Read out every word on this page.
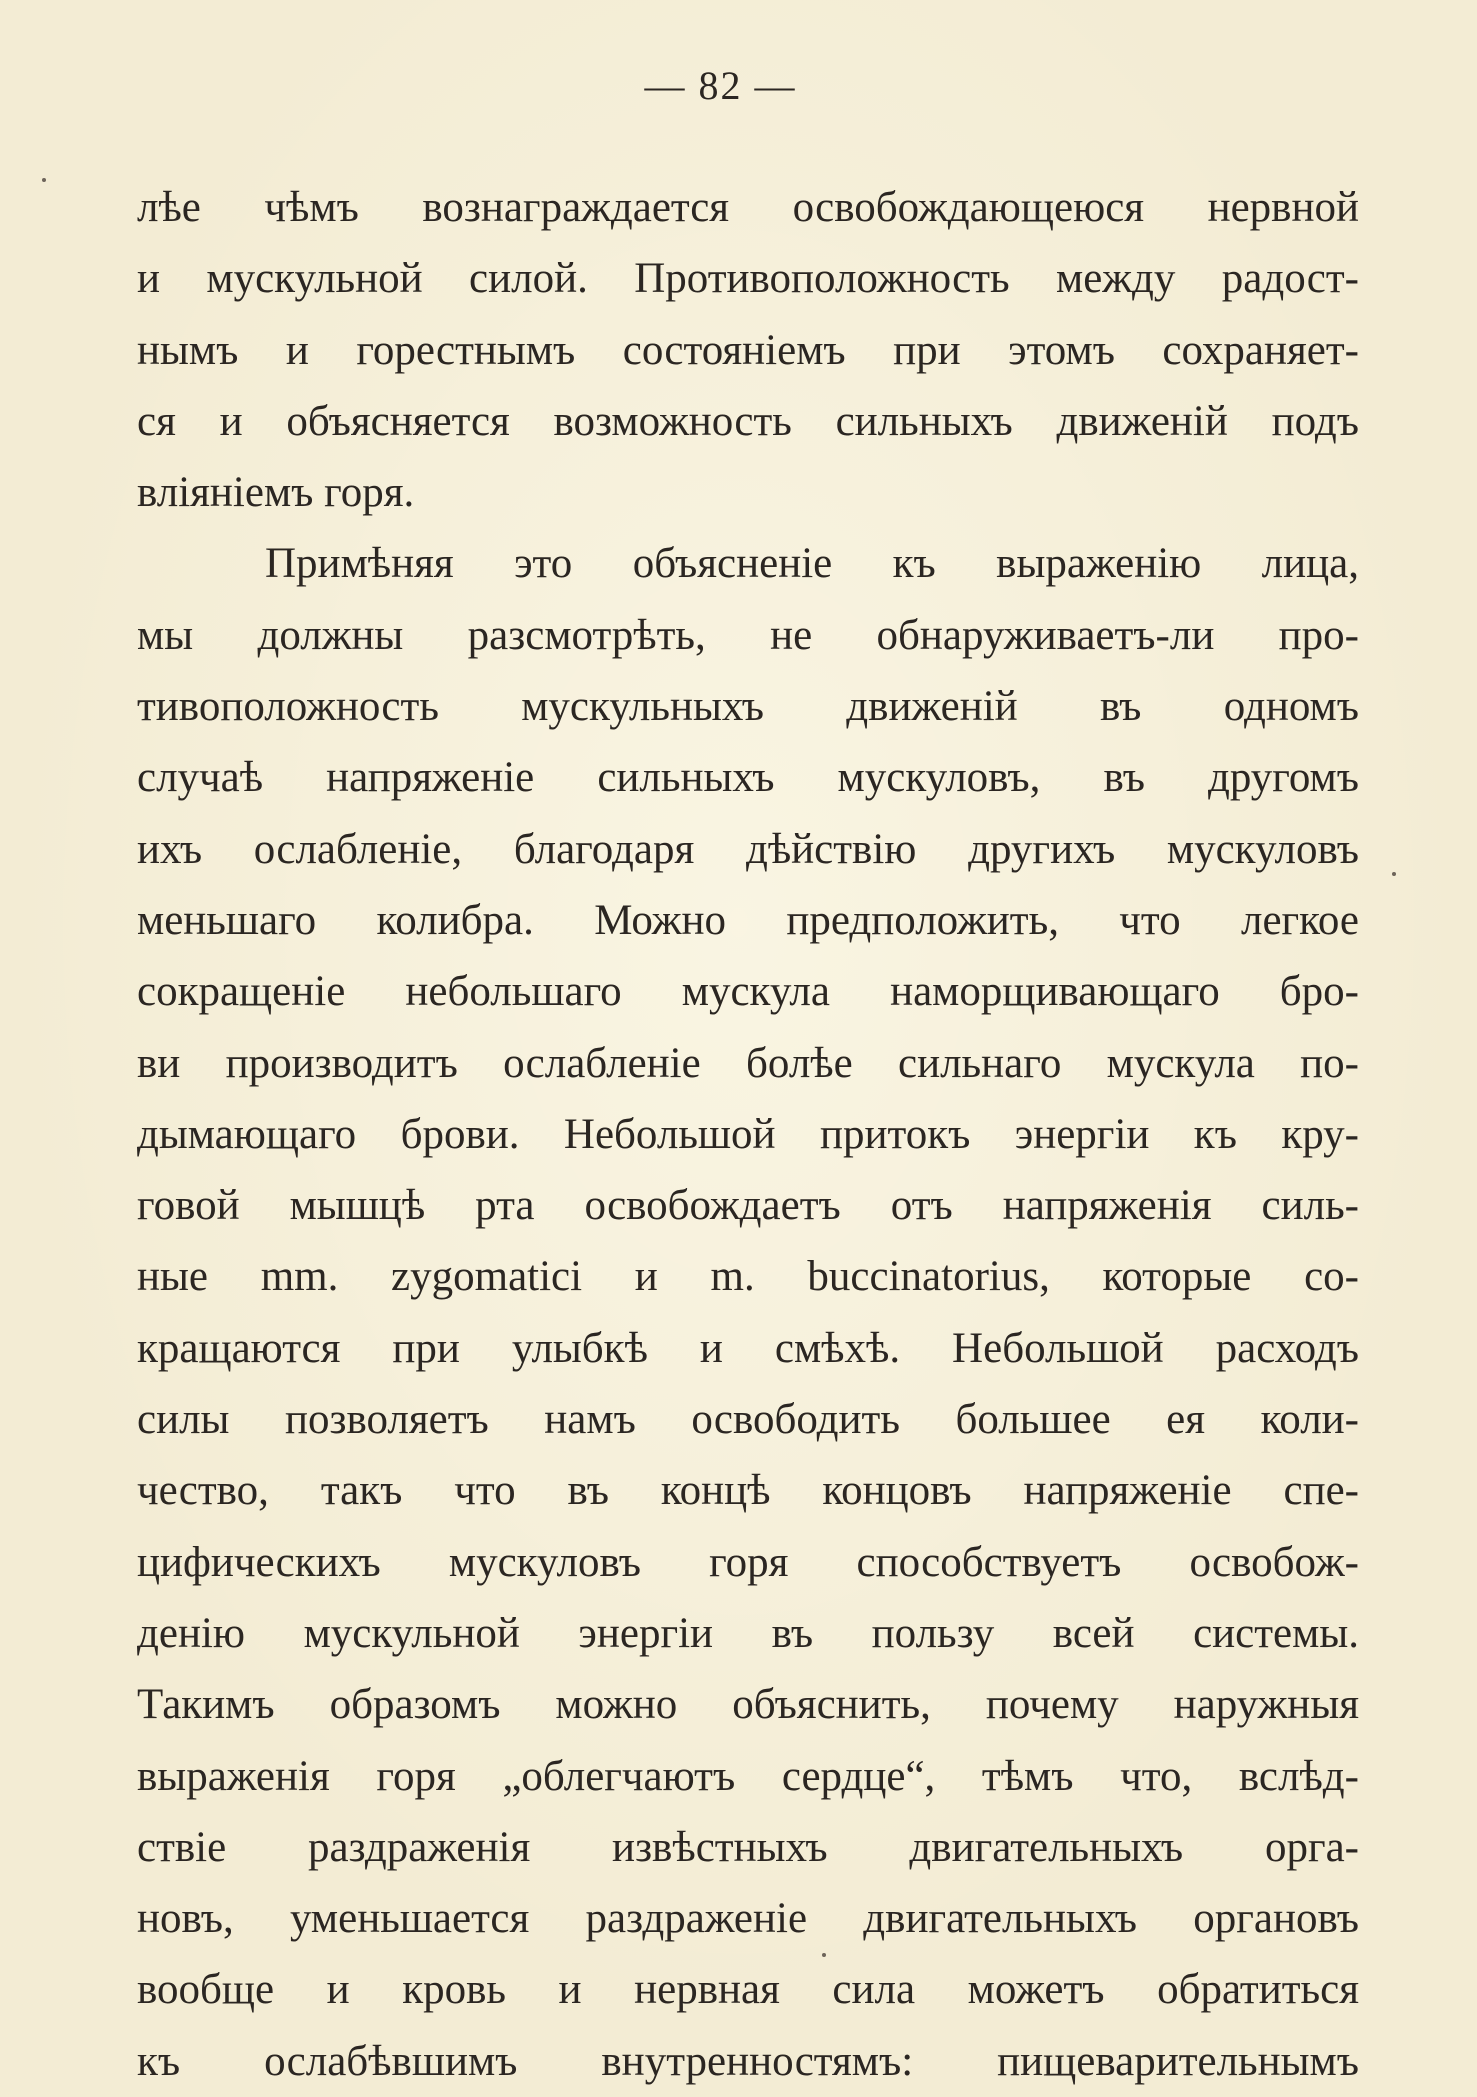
— 82 —
лѣе чѣмъ вознаграждается освобождающеюся нервной
и мускульной силой. Противоположность между радост-
нымъ и горестнымъ состояніемъ при этомъ сохраняет-
ся и объясняется возможность сильныхъ движеній подъ
вліяніемъ горя.
Примѣняя это объясненіе къ выраженію лица,
мы должны разсмотрѣть, не обнаруживаетъ-ли про-
тивоположность мускульныхъ движеній въ одномъ
случаѣ напряженіе сильныхъ мускуловъ, въ другомъ
ихъ ослабленіе, благодаря дѣйствію другихъ мускуловъ
меньшаго колибра. Можно предположить, что легкое
сокращеніе небольшаго мускула наморщивающаго бро-
ви производитъ ослабленіе болѣе сильнаго мускула по-
дымающаго брови. Небольшой притокъ энергіи къ кру-
говой мышцѣ рта освобождаетъ отъ напряженія силь-
ные mm. zygomatici и m. buccinatorius, которые со-
кращаются при улыбкѣ и смѣхѣ. Небольшой расходъ
силы позволяетъ намъ освободить большее ея коли-
чество, такъ что въ концѣ концовъ напряженіе спе-
цифическихъ мускуловъ горя способствуетъ освобож-
денію мускульной энергіи въ пользу всей системы.
Такимъ образомъ можно объяснить, почему наружныя
выраженія горя „облегчаютъ сердце“, тѣмъ что, вслѣд-
ствіе раздраженія извѣстныхъ двигательныхъ орга-
новъ, уменьшается раздраженіе двигательныхъ органовъ
вообще и кровь и нервная сила можетъ обратиться
къ ослабѣвшимъ внутренностямъ: пищеварительнымъ
